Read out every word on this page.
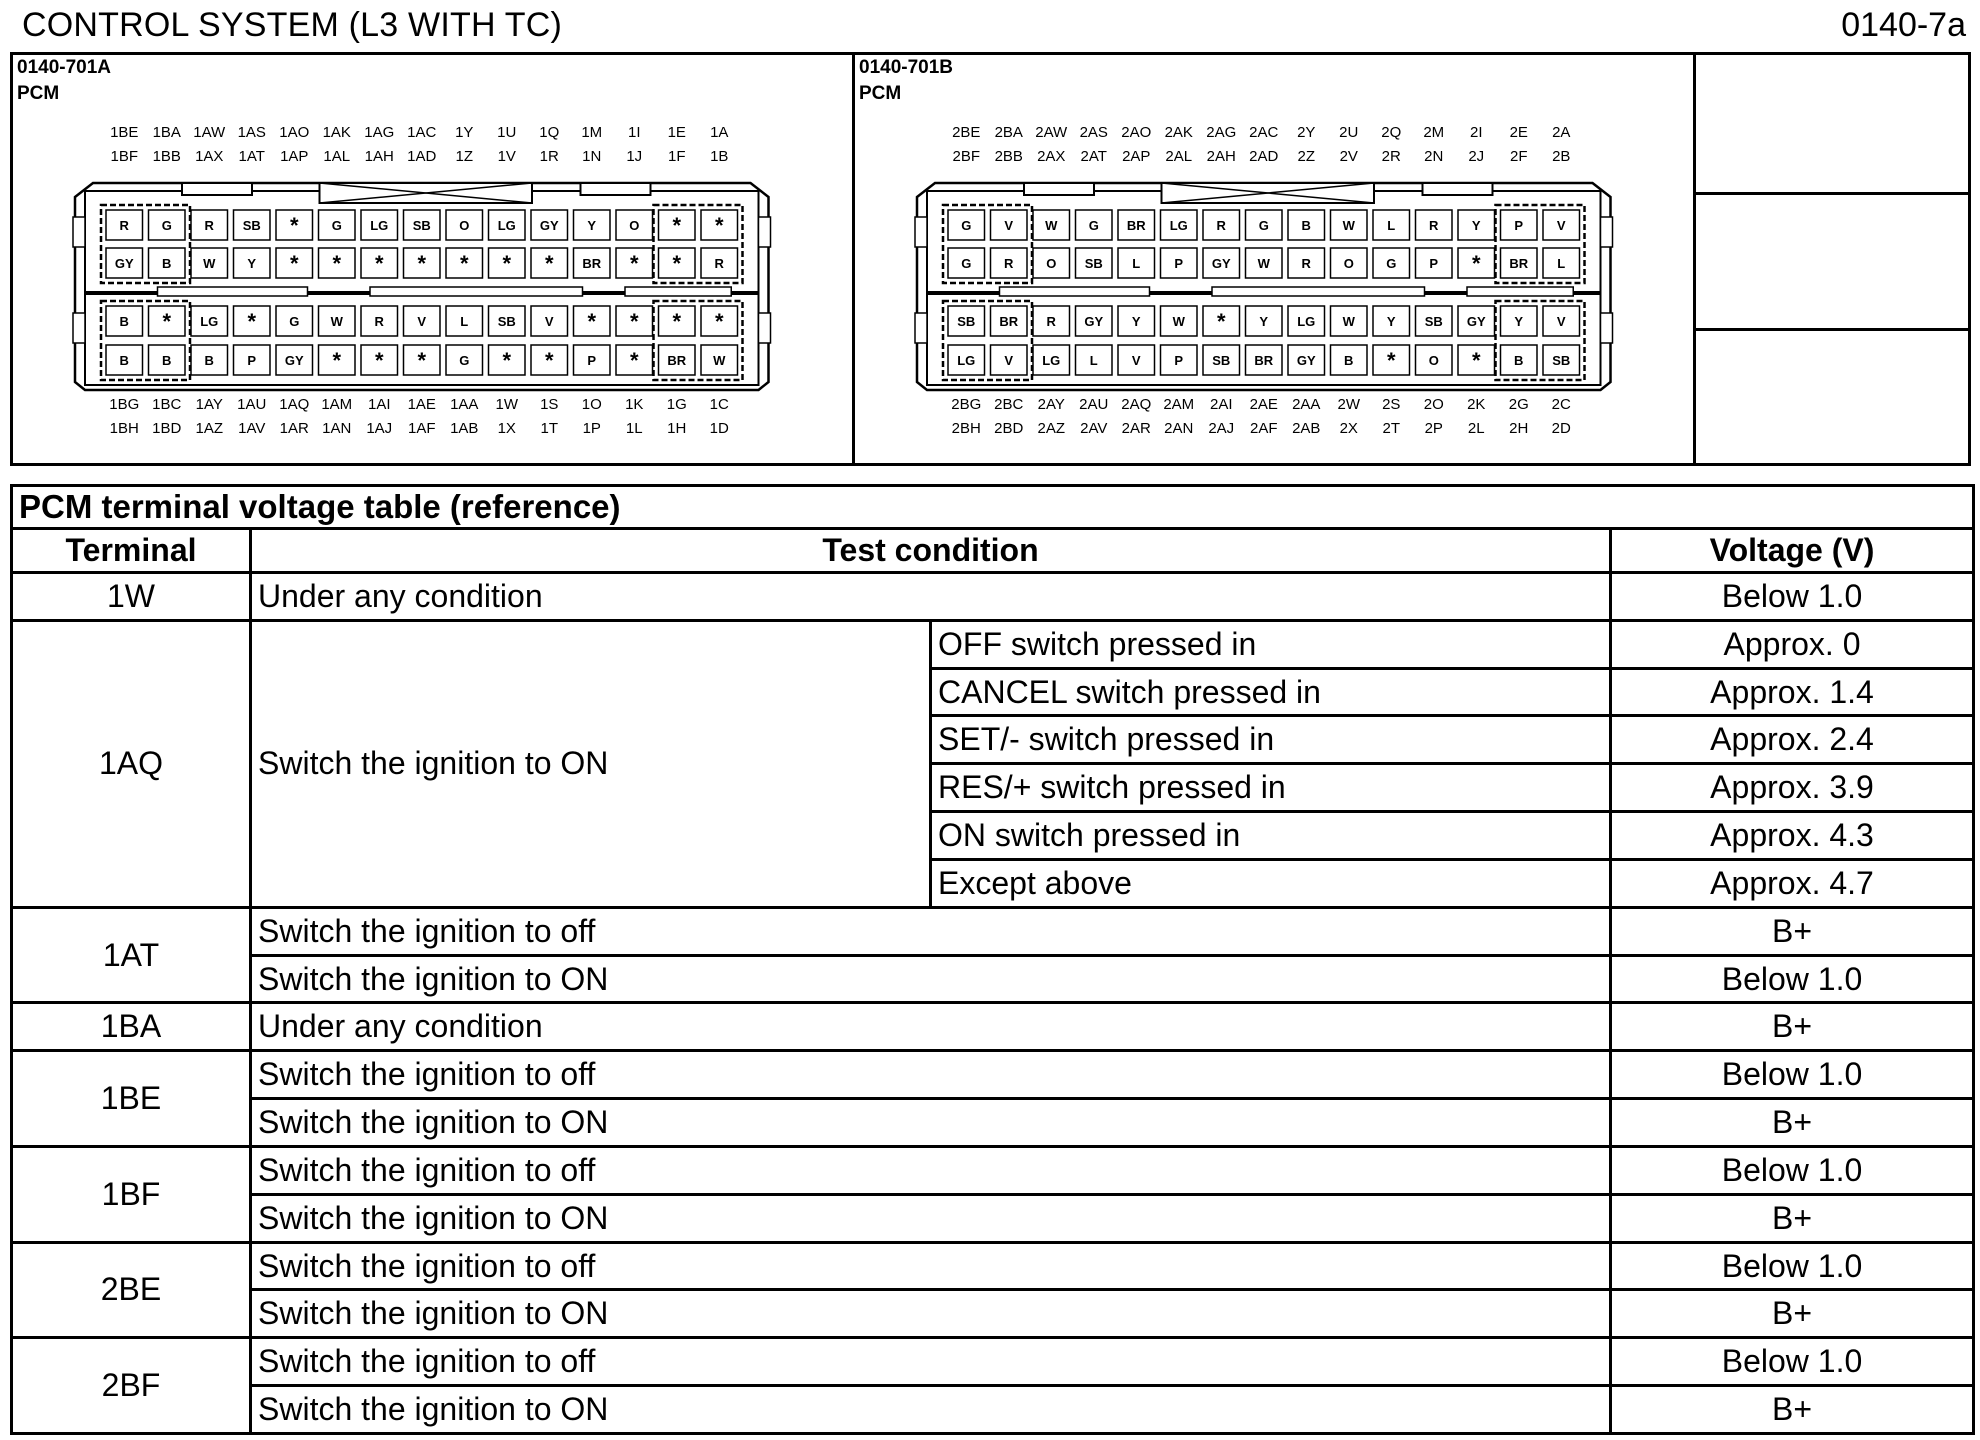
CONTROL SYSTEM (L3 WITH TC)	0140-7a
0140-701A
PCM
0140-701B
PCM
1BE 1BA 1AW 1AS 1AO 1AK 1AG 1AC 1Y 1U 1Q 1M 1I 1E 1A
1BF 1BB 1AX 1AT 1AP 1AL 1AH 1AD 1Z 1V 1R 1N 1J 1F 1B
1BG 1BC 1AY 1AU 1AQ 1AM 1AI 1AE 1AA 1W 1S 1O 1K 1G 1C
1BH 1BD 1AZ 1AV 1AR 1AN 1AJ 1AF 1AB 1X 1T 1P 1L 1H 1D
R	G	R SB *	G LG SB O LG GY Y	O * *
GY B W Y * * * * * * * BR * *	R
B * LG *	G W R	V	L SB V * * * *
B	B	B	P GY * * *	G * *	P * BR W
2BE 2BA 2AW 2AS 2AO 2AK 2AG 2AC 2Y 2U 2Q 2M 2I 2E 2A
2BF 2BB 2AX 2AT 2AP 2AL 2AH 2AD 2Z 2V 2R 2N 2J 2F 2B
2BG 2BC 2AY 2AU 2AQ 2AM 2AI 2AE 2AA 2W 2S 2O 2K 2G 2C
2BH 2BD 2AZ 2AV 2AR 2AN 2AJ 2AF 2AB 2X 2T 2P 2L 2H 2D
G	V W G BR LG R	G	B W L	R	Y	P	V
G	R	O SB L	P GY W R	O G	P * BR L
SB BR R GY Y W *	Y LG W Y SB GY Y	V
LG V LG L	V	P SB BR GY B *	O *	B SB
PCM terminal voltage table (reference)			
Terminal	Test condition		Voltage (V)
1W	Under any condition		Below 1.0
1AQ	Switch the ignition to ON	OFF switch pressed in	Approx. 0
		CANCEL switch pressed in	Approx. 1.4
		SET/- switch pressed in	Approx. 2.4
		RES/+ switch pressed in	Approx. 3.9
		ON switch pressed in	Approx. 4.3
		Except above	Approx. 4.7
1AT	Switch the ignition to off		B+
	Switch the ignition to ON		Below 1.0
1BA	Under any condition		B+
1BE	Switch the ignition to off		Below 1.0
	Switch the ignition to ON		B+
1BF	Switch the ignition to off		Below 1.0
	Switch the ignition to ON		B+
2BE	Switch the ignition to off		Below 1.0
	Switch the ignition to ON		B+
2BF	Switch the ignition to off		Below 1.0
	Switch the ignition to ON		B+
